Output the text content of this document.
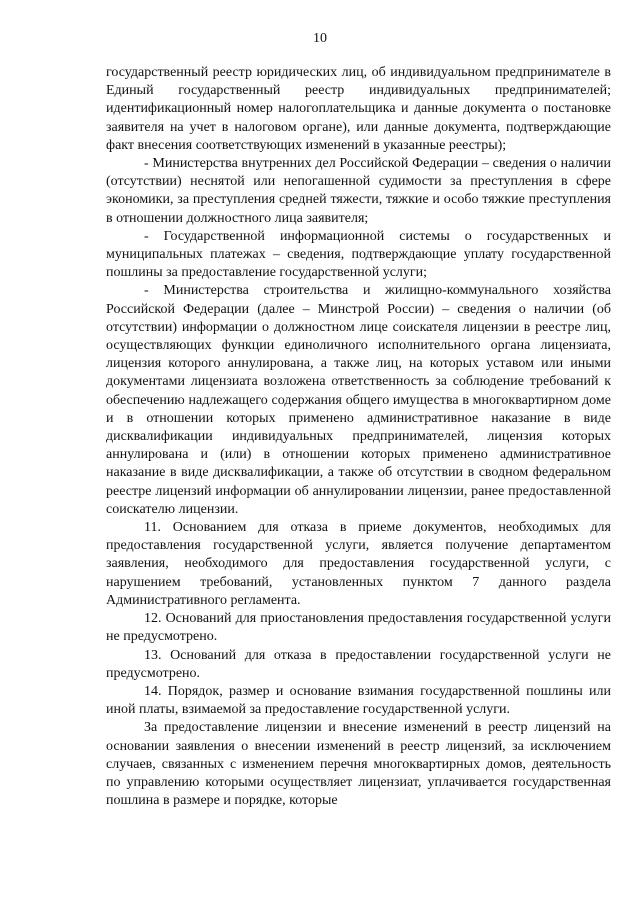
10

государственный реестр юридических лиц, об индивидуальном предпринимателе в Единый государственный реестр индивидуальных предпринимателей; идентификационный номер налогоплательщика и данные документа о постановке заявителя на учет в налоговом органе), или данные документа, подтверждающие факт внесения соответствующих изменений в указанные реестры);

- Министерства внутренних дел Российской Федерации – сведения о наличии (отсутствии) неснятой или непогашенной судимости за преступления в сфере экономики, за преступления средней тяжести, тяжкие и особо тяжкие преступления в отношении должностного лица заявителя;

- Государственной информационной системы о государственных и муниципальных платежах – сведения, подтверждающие уплату государственной пошлины за предоставление государственной услуги;

- Министерства строительства и жилищно-коммунального хозяйства Российской Федерации (далее – Минстрой России) – сведения о наличии (об отсутствии) информации о должностном лице соискателя лицензии в реестре лиц, осуществляющих функции единоличного исполнительного органа лицензиата, лицензия которого аннулирована, а также лиц, на которых уставом или иными документами лицензиата возложена ответственность за соблюдение требований к обеспечению надлежащего содержания общего имущества в многоквартирном доме и в отношении которых применено административное наказание в виде дисквалификации индивидуальных предпринимателей, лицензия которых аннулирована и (или) в отношении которых применено административное наказание в виде дисквалификации, а также об отсутствии в сводном федеральном реестре лицензий информации об аннулировании лицензии, ранее предоставленной соискателю лицензии.

11. Основанием для отказа в приеме документов, необходимых для предоставления государственной услуги, является получение департаментом заявления, необходимого для предоставления государственной услуги, с нарушением требований, установленных пунктом 7 данного раздела Административного регламента.

12. Оснований для приостановления предоставления государственной услуги не предусмотрено.

13. Оснований для отказа в предоставлении государственной услуги не предусмотрено.

14. Порядок, размер и основание взимания государственной пошлины или иной платы, взимаемой за предоставление государственной услуги.

За предоставление лицензии и внесение изменений в реестр лицензий на основании заявления о внесении изменений в реестр лицензий, за исключением случаев, связанных с изменением перечня многоквартирных домов, деятельность по управлению которыми осуществляет лицензиат, уплачивается государственная пошлина в размере и порядке, которые
